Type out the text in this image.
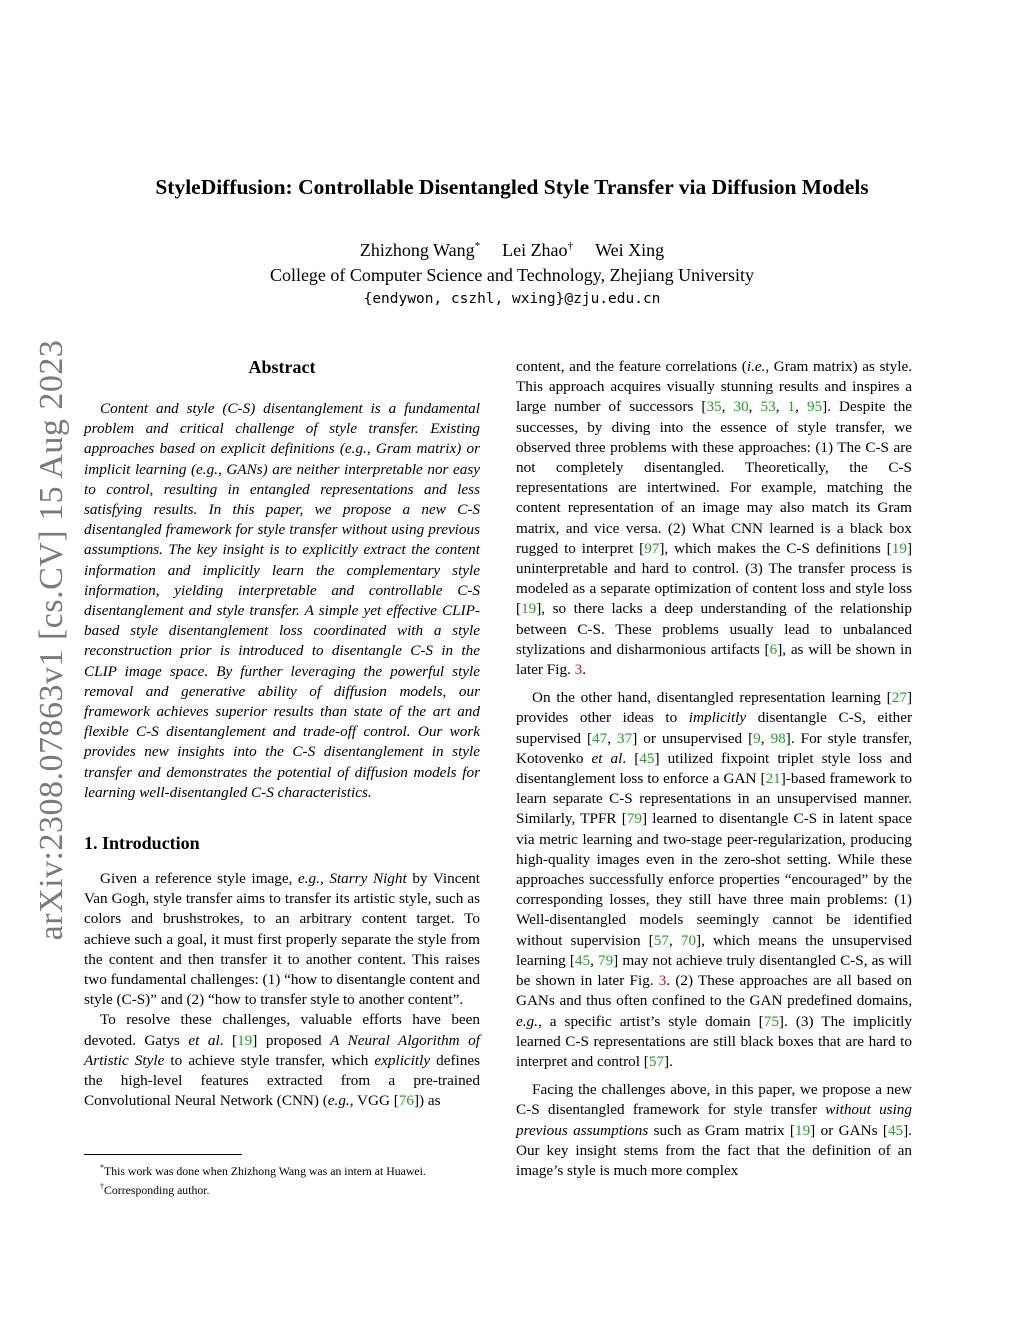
arXiv:2308.07863v1 [cs.CV] 15 Aug 2023
StyleDiffusion: Controllable Disentangled Style Transfer via Diffusion Models
Zhizhong Wang* Lei Zhao† Wei Xing
College of Computer Science and Technology, Zhejiang University
{endywon, cszhl, wxing}@zju.edu.cn
Abstract

Content and style (C-S) disentanglement is a fundamental problem and critical challenge of style transfer. Existing approaches based on explicit definitions (e.g., Gram matrix) or implicit learning (e.g., GANs) are neither interpretable nor easy to control, resulting in entangled representations and less satisfying results. In this paper, we propose a new C-S disentangled framework for style transfer without using previous assumptions. The key insight is to explicitly extract the content information and implicitly learn the complementary style information, yielding interpretable and controllable C-S disentanglement and style transfer. A simple yet effective CLIP-based style disentanglement loss coordinated with a style reconstruction prior is introduced to disentangle C-S in the CLIP image space. By further leveraging the powerful style removal and generative ability of diffusion models, our framework achieves superior results than state of the art and flexible C-S disentanglement and trade-off control. Our work provides new insights into the C-S disentanglement in style transfer and demonstrates the potential of diffusion models for learning well-disentangled C-S characteristics.

1. Introduction

Given a reference style image, e.g., Starry Night by Vincent Van Gogh, style transfer aims to transfer its artistic style, such as colors and brushstrokes, to an arbitrary content target. To achieve such a goal, it must first properly separate the style from the content and then transfer it to another content. This raises two fundamental challenges: (1) “how to disentangle content and style (C-S)” and (2) “how to transfer style to another content”.

To resolve these challenges, valuable efforts have been devoted. Gatys et al. [19] proposed A Neural Algorithm of Artistic Style to achieve style transfer, which explicitly defines the high-level features extracted from a pre-trained Convolutional Neural Network (CNN) (e.g., VGG [76]) as

content, and the feature correlations (i.e., Gram matrix) as style. This approach acquires visually stunning results and inspires a large number of successors [35, 30, 53, 1, 95]. Despite the successes, by diving into the essence of style transfer, we observed three problems with these approaches: (1) The C-S are not completely disentangled. Theoretically, the C-S representations are intertwined. For example, matching the content representation of an image may also match its Gram matrix, and vice versa. (2) What CNN learned is a black box rugged to interpret [97], which makes the C-S definitions [19] uninterpretable and hard to control. (3) The transfer process is modeled as a separate optimization of content loss and style loss [19], so there lacks a deep understanding of the relationship between C-S. These problems usually lead to unbalanced stylizations and disharmonious artifacts [6], as will be shown in later Fig. 3.

On the other hand, disentangled representation learning [27] provides other ideas to implicitly disentangle C-S, either supervised [47, 37] or unsupervised [9, 98]. For style transfer, Kotovenko et al. [45] utilized fixpoint triplet style loss and disentanglement loss to enforce a GAN [21]-based framework to learn separate C-S representations in an unsupervised manner. Similarly, TPFR [79] learned to disentangle C-S in latent space via metric learning and two-stage peer-regularization, producing high-quality images even in the zero-shot setting. While these approaches successfully enforce properties “encouraged” by the corresponding losses, they still have three main problems: (1) Well-disentangled models seemingly cannot be identified without supervision [57, 70], which means the unsupervised learning [45, 79] may not achieve truly disentangled C-S, as will be shown in later Fig. 3. (2) These approaches are all based on GANs and thus often confined to the GAN predefined domains, e.g., a specific artist’s style domain [75]. (3) The implicitly learned C-S representations are still black boxes that are hard to interpret and control [57].

Facing the challenges above, in this paper, we propose a new C-S disentangled framework for style transfer without using previous assumptions such as Gram matrix [19] or GANs [45]. Our key insight stems from the fact that the definition of an image’s style is much more complex

*This work was done when Zhizhong Wang was an intern at Huawei.
†Corresponding author.
